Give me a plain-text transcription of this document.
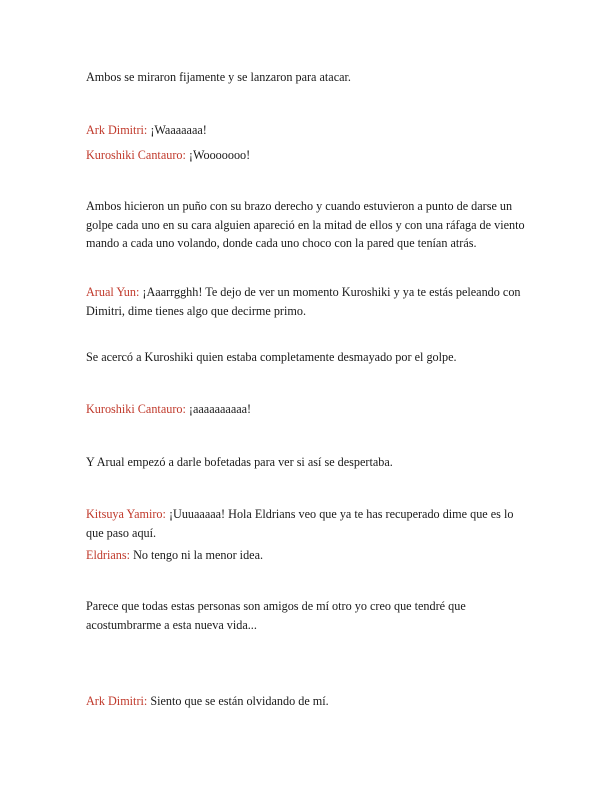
Ambos se miraron fijamente y se lanzaron para atacar.

Ark Dimitri: ¡Waaaaaaa!

Kuroshiki Cantauro: ¡Wooooooo!

Ambos hicieron un puño con su brazo derecho y cuando estuvieron a punto de darse un golpe cada uno en su cara alguien apareció en la mitad de ellos y con una ráfaga de viento mando a cada uno volando, donde cada uno choco con la pared que tenían atrás.

Arual Yun: ¡Aaarrgghh! Te dejo de ver un momento Kuroshiki y ya te estás peleando con Dimitri, dime tienes algo que decirme primo.

Se acercó a Kuroshiki quien estaba completamente desmayado por el golpe.

Kuroshiki Cantauro: ¡aaaaaaaaaa!

Y Arual empezó a darle bofetadas para ver si así se despertaba.

Kitsuya Yamiro: ¡Uuuaaaaa! Hola Eldrians veo que ya te has recuperado dime que es lo que paso aquí.

Eldrians: No tengo ni la menor idea.

Parece que todas estas personas son amigos de mí otro yo creo que tendré que acostumbrarme a esta nueva vida...

Ark Dimitri: Siento que se están olvidando de mí.
